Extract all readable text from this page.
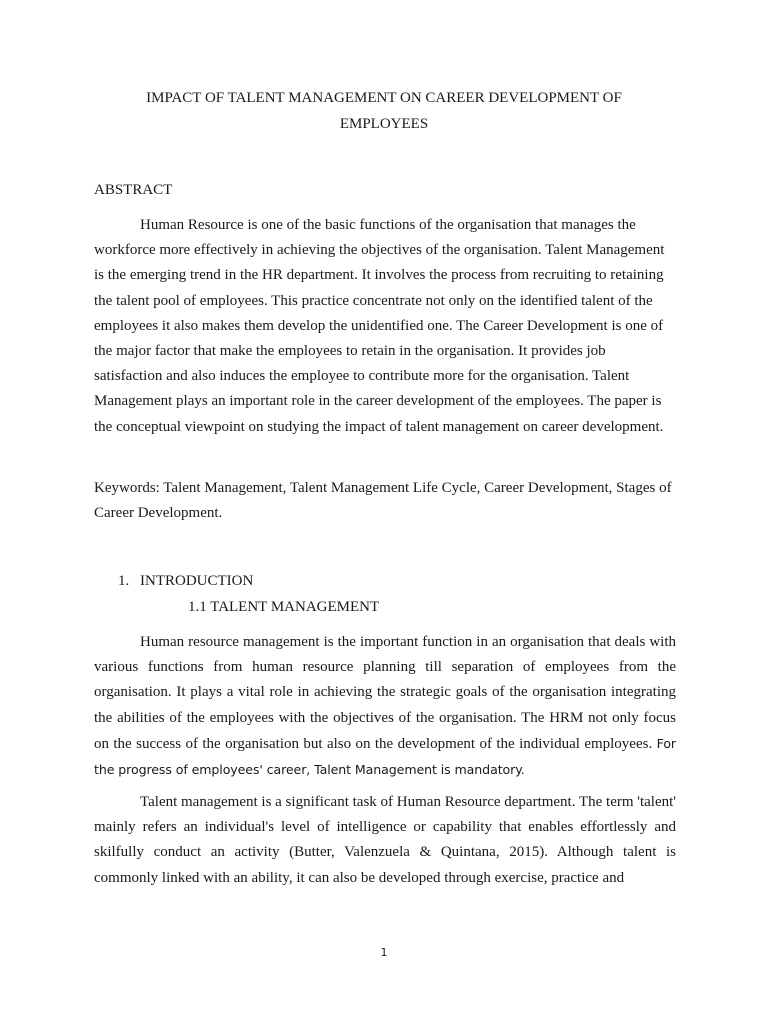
IMPACT OF TALENT MANAGEMENT ON CAREER DEVELOPMENT OF

EMPLOYEES

ABSTRACT

Human Resource is one of the basic functions of the organisation that manages the workforce more effectively in achieving the objectives of the organisation. Talent Management is the emerging trend in the HR department. It involves the process from recruiting to retaining the talent pool of employees. This practice concentrate not only on the identified talent of the employees it also makes them develop the unidentified one. The Career Development is one of the major factor that make the employees to retain in the organisation. It provides job satisfaction and also induces the employee to contribute more for the organisation. Talent Management plays an important role in the career development of the employees. The paper is the conceptual viewpoint on studying the impact of talent management on career development.

Keywords: Talent Management, Talent Management Life Cycle, Career Development, Stages of Career Development.

1. INTRODUCTION
1.1 TALENT MANAGEMENT

Human resource management is the important function in an organisation that deals with various functions from human resource planning till separation of employees from the organisation. It plays a vital role in achieving the strategic goals of the organisation integrating the abilities of the employees with the objectives of the organisation. The HRM not only focus on the success of the organisation but also on the development of the individual employees. For the progress of employees' career, Talent Management is mandatory.

Talent management is a significant task of Human Resource department. The term 'talent' mainly refers an individual's level of intelligence or capability that enables effortlessly and skilfully conduct an activity (Butter, Valenzuela & Quintana, 2015). Although talent is commonly linked with an ability, it can also be developed through exercise, practice and

1
